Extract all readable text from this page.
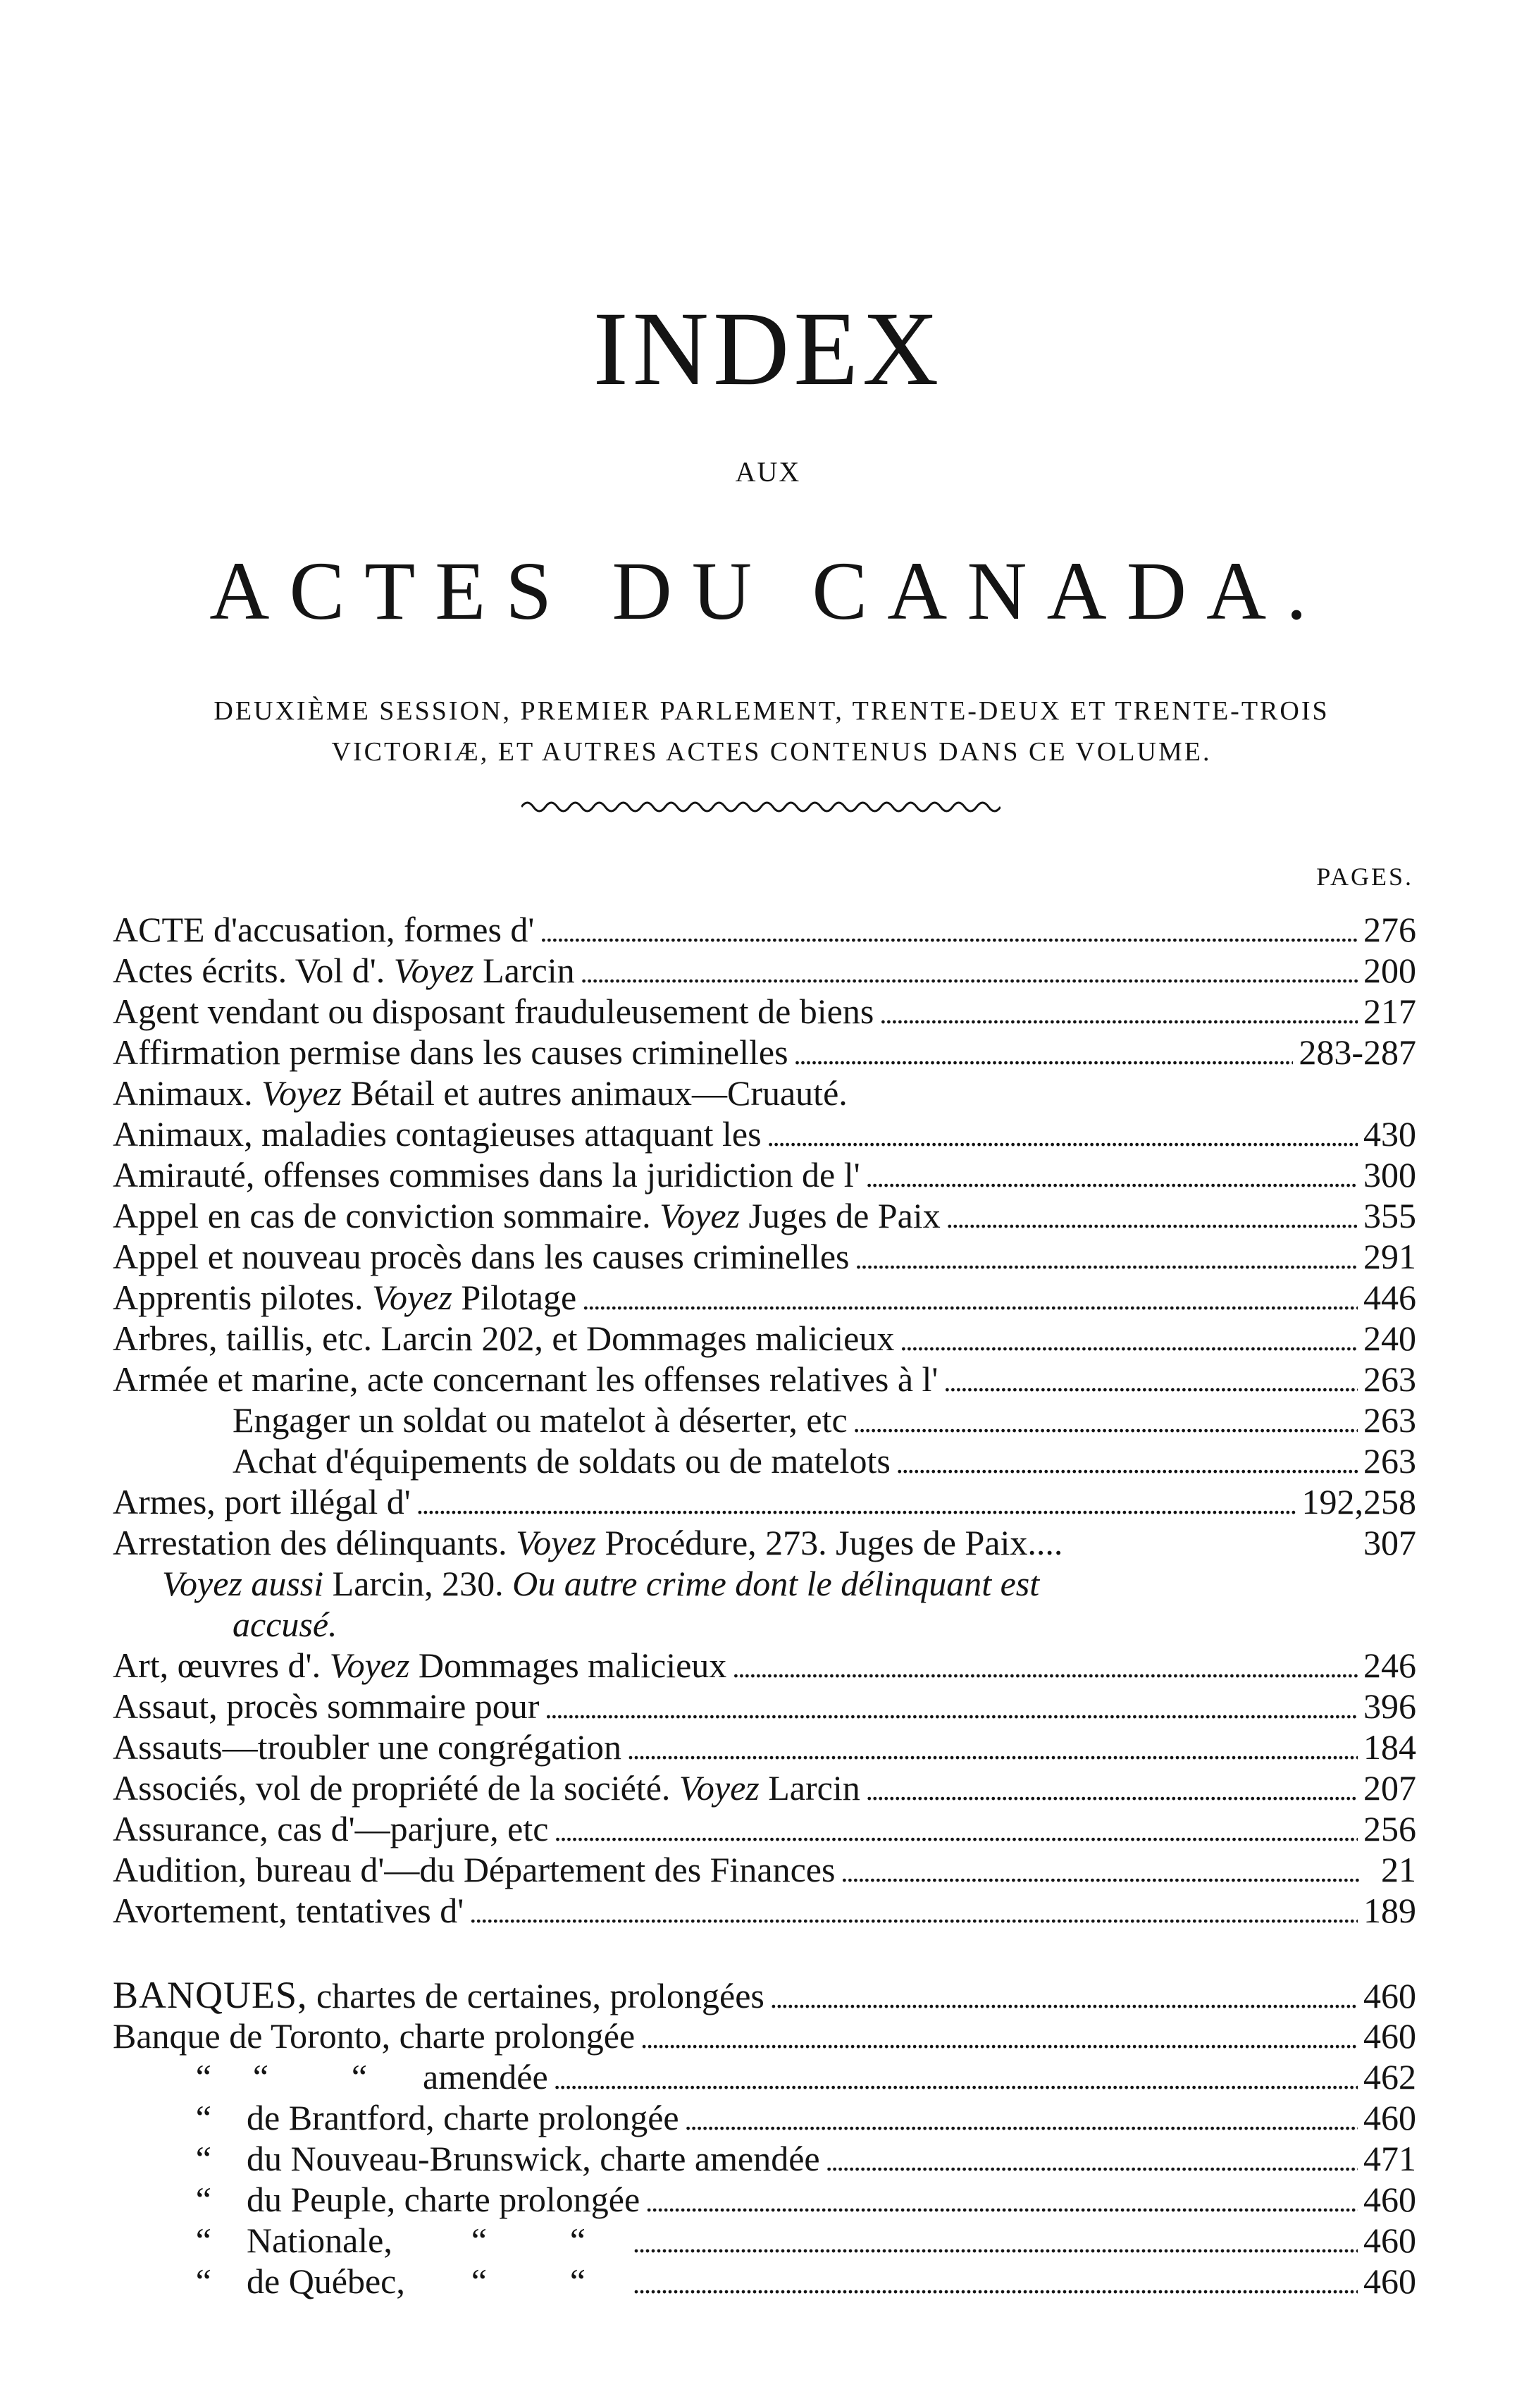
INDEX
AUX
ACTES DU CANADA.
DEUXIÈME SESSION, PREMIER PARLEMENT, TRENTE-DEUX ET TRENTE-TROIS
VICTORIÆ, ET AUTRES ACTES CONTENUS DANS CE VOLUME.
PAGES.
ACTE d'accusation, formes d' . . .	276
Actes écrits. Vol d'. Voyez Larcin . . .	200
Agent vendant ou disposant frauduleusement de biens . . .	217
Affirmation permise dans les causes criminelles . . .	283-287
Animaux. Voyez Bétail et autres animaux—Cruauté.
Animaux, maladies contagieuses attaquant les . . .	430
Amirauté, offenses commises dans la juridiction de l' . . .	300
Appel en cas de conviction sommaire. Voyez Juges de Paix . . .	355
Appel et nouveau procès dans les causes criminelles . . .	291
Apprentis pilotes. Voyez Pilotage . . .	446
Arbres, taillis, etc. Larcin 202, et Dommages malicieux . . .	240
Armée et marine, acte concernant les offenses relatives à l' . . .	263
Engager un soldat ou matelot à déserter, etc . . .	263
Achat d'équipements de soldats ou de matelots . . .	263
Armes, port illégal d' . . .	192,258
Arrestation des délinquants. Voyez Procédure, 273. Juges de Paix....	307
Voyez aussi Larcin, 230. Ou autre crime dont le délinquant est
accusé.
Art, œuvres d'. Voyez Dommages malicieux . . .	246
Assaut, procès sommaire pour . . .	396
Assauts—troubler une congrégation . . .	184
Associés, vol de propriété de la société. Voyez Larcin . . .	207
Assurance, cas d'—parjure, etc . . .	256
Audition, bureau d'—du Département des Finances . . .	21
Avortement, tentatives d' . . .	189
BANQUES, chartes de certaines, prolongées . . .	460
Banque de Toronto, charte prolongée . . .	460
“	“	“	amendée . . .	462
“	de Brantford, charte prolongée . . .	460
“	du Nouveau-Brunswick, charte amendée . . .	471
“	du Peuple, charte prolongée . . .	460
“	Nationale,	“	“ . . .	460
“	de Québec,	“	“ . . .	460
